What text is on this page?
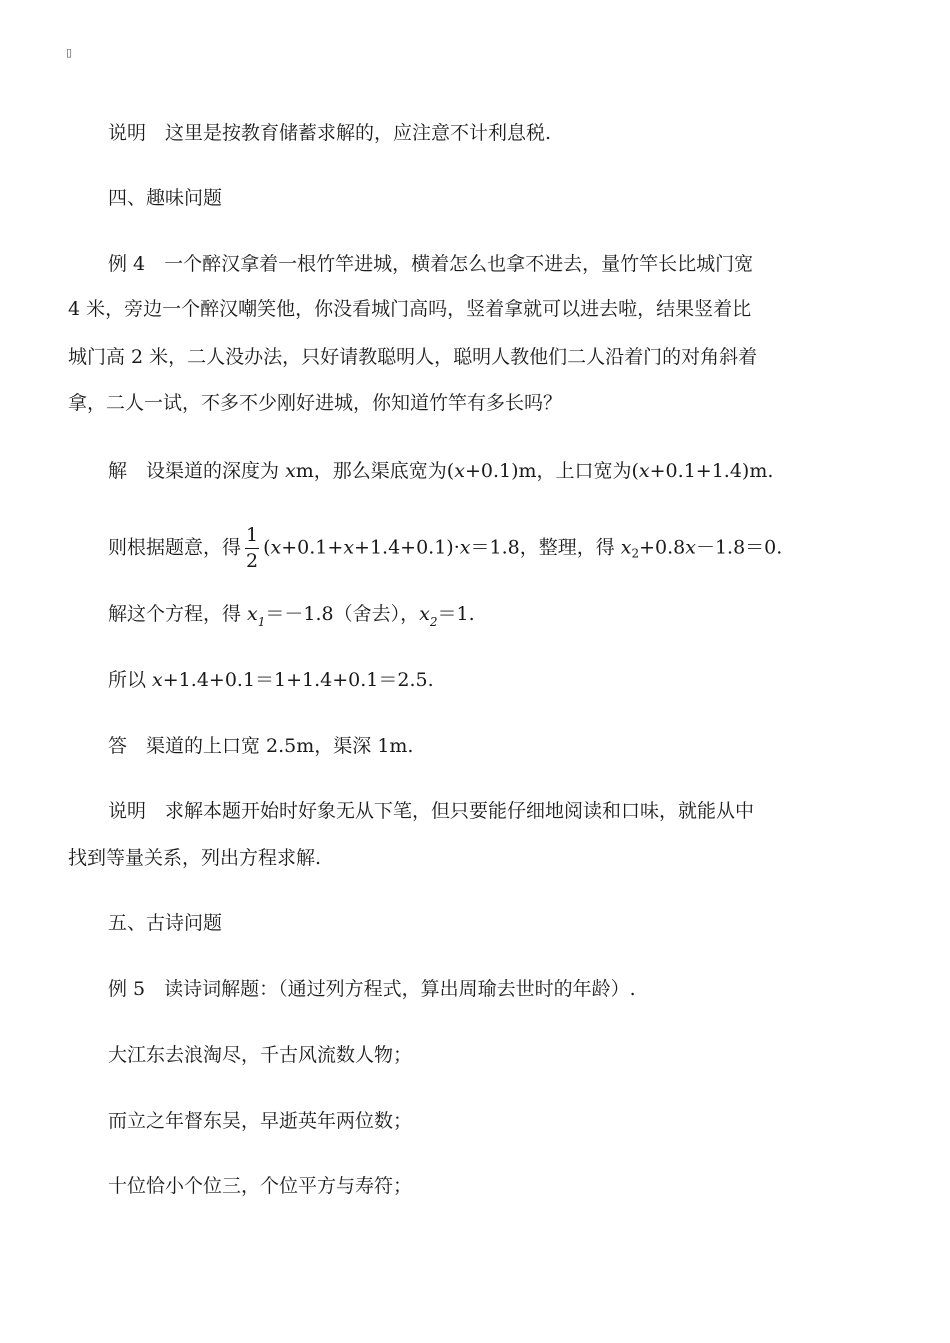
▯
说明 这里是按教育储蓄求解的，应注意不计利息税.
四、趣味问题
例 4 一个醉汉拿着一根竹竿进城，横着怎么也拿不进去，量竹竿长比城门宽
4 米，旁边一个醉汉嘲笑他，你没看城门高吗，竖着拿就可以进去啦，结果竖着比
城门高 2 米，二人没办法，只好请教聪明人，聪明人教他们二人沿着门的对角斜着
拿，二人一试，不多不少刚好进城，你知道竹竿有多长吗？
解 设渠道的深度为 xm，那么渠底宽为(x+0.1)m，上口宽为(x+0.1+1.4)m.
则根据题意，得 $\frac{1}{2} (x+0.1+x+1.4+0.1)\cdot x=1.8$，整理，得 $x_2+0.8x-1.8=0$.
解这个方程，得 $x_1=-1.8$（舍去），$x_2=1$.
所以 x+1.4+0.1＝1+1.4+0.1＝2.5.
答 渠道的上口宽 2.5m，渠深 1m.
说明 求解本题开始时好象无从下笔，但只要能仔细地阅读和口味，就能从中
找到等量关系，列出方程求解.
五、古诗问题
例 5 读诗词解题：（通过列方程式，算出周瑜去世时的年龄）.
大江东去浪淘尽，千古风流数人物；
而立之年督东吴，早逝英年两位数；
十位恰小个位三，个位平方与寿符；
